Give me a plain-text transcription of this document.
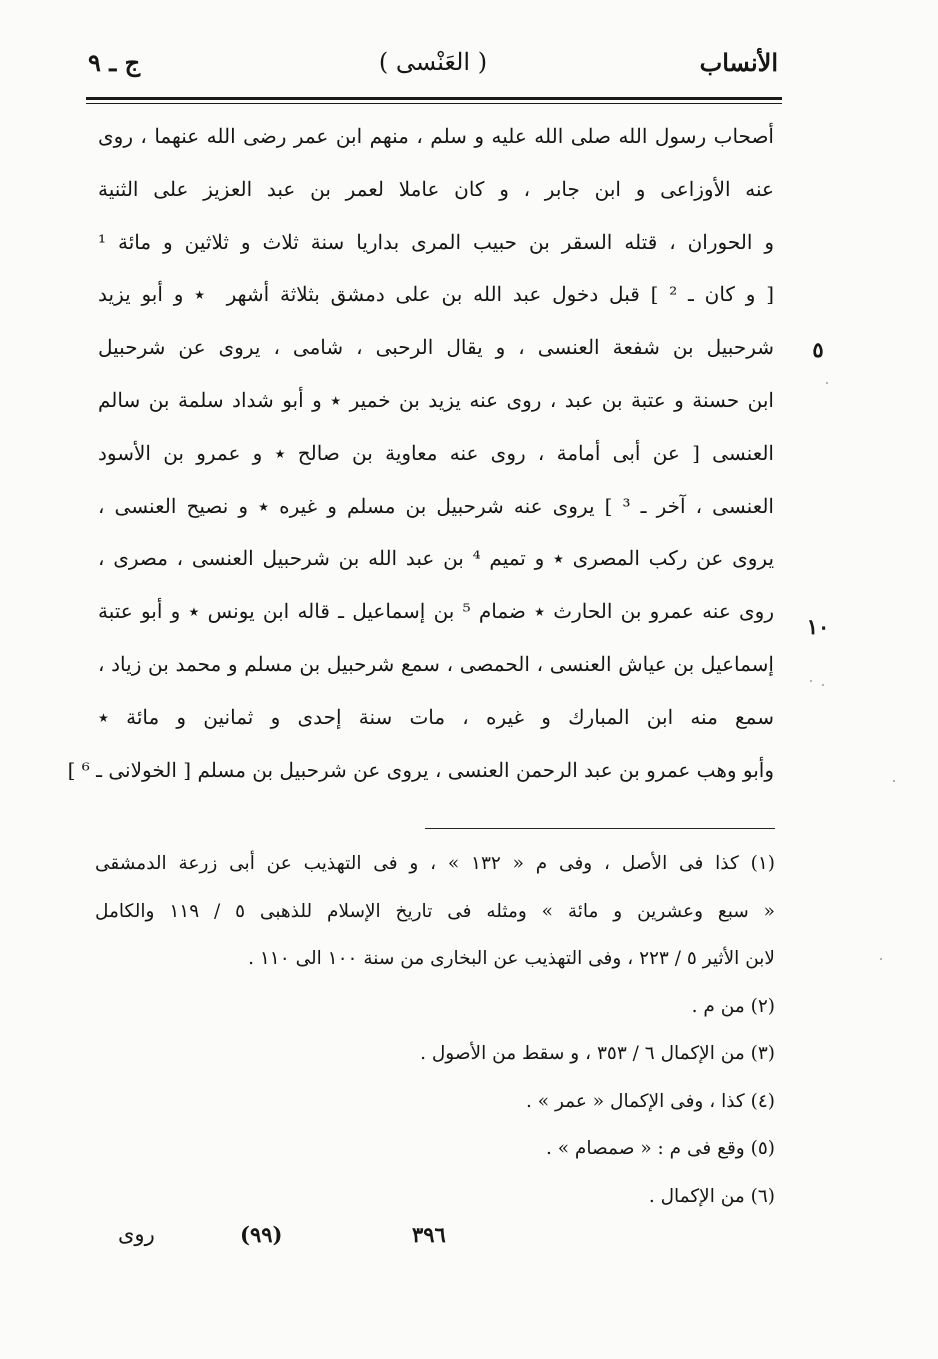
الأنساب
( العَنْسى )
ج ـ ٩
أصحاب رسول الله صلى الله عليه و سلم ، منهم ابن عمر رضى الله عنهما ، روى
عنه الأوزاعى و ابن جابر ، و كان عاملا لعمر بن عبد العزيز على الثنية
و الحوران ، قتله السقر بن حبيب المرى بداريا سنة ثلاث و ثلاثين و مائة ¹
[ و كان ـ ² ] قبل دخول عبد الله بن على دمشق بثلاثة أشهر ‌ ٭ و أبو يزيد
شرحبيل بن شفعة العنسى ، و يقال الرحبى ، شامى ، يروى عن شرحبيل
ابن حسنة و عتبة بن عبد ، روى عنه يزيد بن خمير ٭ و أبو شداد سلمة بن سالم
العنسى [ عن أبى أمامة ، روى عنه معاوية بن صالح ٭ و عمرو بن الأسود
العنسى ، آخر ـ ³ ] يروى عنه شرحبيل بن مسلم و غيره ٭ و نصيح العنسى ،
يروى عن ركب المصرى ٭ و تميم ⁴ بن عبد الله بن شرحبيل العنسى ، مصرى ،
روى عنه عمرو بن الحارث ٭ ضمام ⁵ بن إسماعيل ـ قاله ابن يونس ٭ و أبو عتبة
إسماعيل بن عياش العنسى ، الحمصى ، سمع شرحبيل بن مسلم و محمد بن زياد ،
سمع منه ابن المبارك و غيره ، مات سنة إحدى و ثمانين و مائة ٭
وأبو وهب عمرو بن عبد الرحمن العنسى ، يروى عن شرحبيل بن مسلم [ الخولانى ـ ⁶ ]
٥
١٠
(١) كذا فى الأصل ، وفى م « ١٣٢ » ، و فى التهذيب عن أبى زرعة الدمشقى
« سبع وعشرين و مائة » ومثله فى تاريخ الإسلام للذهبى ٥ / ١١٩ والكامل
لابن الأثير ٥ / ٢٢٣ ، وفى التهذيب عن البخارى من سنة ١٠٠ الى ١١٠ .
(٢) من م .
(٣) من الإكمال ٦ / ٣٥٣ ، و سقط من الأصول .
(٤) كذا ، وفى الإكمال « عمر » .
(٥) وقع فى م : « صمصام » .
(٦) من الإكمال .
روى	(٩٩)	٣٩٦
